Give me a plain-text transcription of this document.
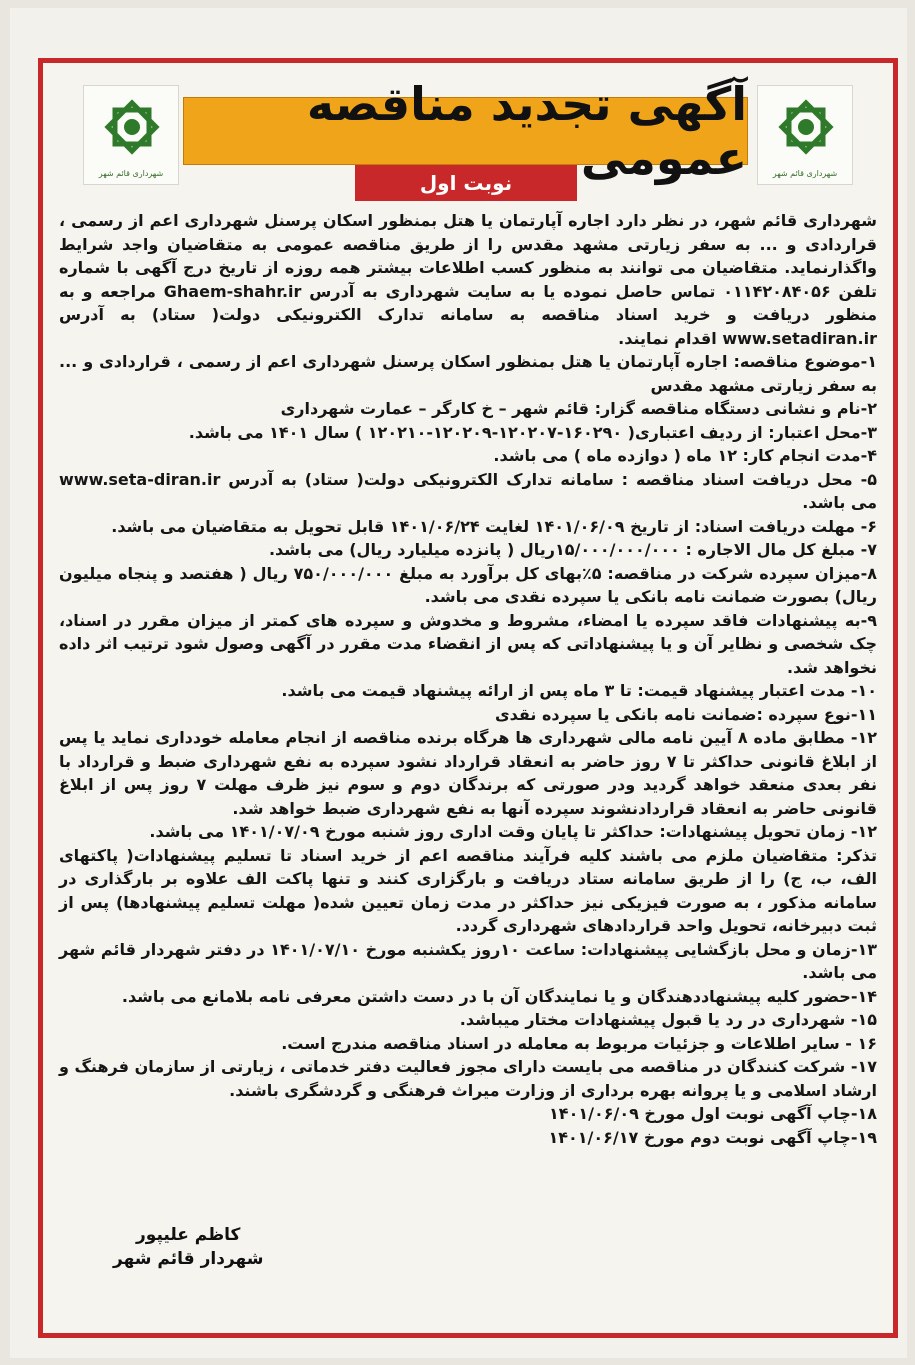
شهرداری قائم شهر
شهرداری قائم شهر
آگهی تجدید مناقصه عمومی
نوبت اول

شهرداری قائم شهر، در نظر دارد اجاره آپارتمان یا هتل بمنظور اسکان پرسنل شهرداری اعم از رسمی ، قراردادی و ... به سفر زیارتی مشهد مقدس را از طریق مناقصه عمومی به متقاضیان واجد شرایط واگذارنماید. متقاضیان می توانند به منظور کسب اطلاعات بیشتر همه روزه از تاریخ درج آگهی با شماره تلفن ۰۱۱۴۲۰۸۴۰۵۶ تماس حاصل نموده یا به سایت شهرداری به آدرس Ghaem-shahr.ir مراجعه و به منظور دریافت و خرید اسناد مناقصه به سامانه تدارک الکترونیکی دولت( ستاد) به آدرس www.setadiran.ir اقدام نمایند.

۱-موضوع مناقصه: اجاره آپارتمان یا هتل بمنظور اسکان پرسنل شهرداری اعم از رسمی ، قراردادی و ... به سفر زیارتی مشهد مقدس

۲-نام و نشانی دستگاه مناقصه گزار: قائم شهر – خ کارگر – عمارت شهرداری

۳-محل اعتبار: از ردیف اعتباری( ۱۶۰۲۹۰-۱۲۰۲۰۷-۱۲۰۲۰۹-۱۲۰۲۱۰ ) سال ۱۴۰۱ می باشد.

۴-مدت انجام کار: ۱۲ ماه ( دوازده ماه ) می باشد.

۵- محل دریافت اسناد مناقصه : سامانه تدارک الکترونیکی دولت( ستاد) به آدرس www.seta-diran.ir می باشد.

۶- مهلت دریافت اسناد: از تاریخ ۱۴۰۱/۰۶/۰۹ لغایت ۱۴۰۱/۰۶/۲۴ قابل تحویل به متقاضیان می باشد.

۷- مبلغ کل مال الاجاره : ۱۵/۰۰۰/۰۰۰/۰۰۰ریال ( پانزده میلیارد ریال) می باشد.

۸-میزان سپرده شرکت در مناقصه: ۵٪بهای کل برآورد به مبلغ ۷۵۰/۰۰۰/۰۰۰ ریال ( هفتصد و پنجاه میلیون ریال) بصورت ضمانت نامه بانکی یا سپرده نقدی می باشد.

۹-به پیشنهادات فاقد سپرده یا امضاء، مشروط و مخدوش و سپرده های کمتر از میزان مقرر در اسناد، چک شخصی و نظایر آن و یا پیشنهاداتی که پس از انقضاء مدت مقرر در آگهی وصول شود ترتیب اثر داده نخواهد شد.

۱۰- مدت اعتبار پیشنهاد قیمت: تا ۳ ماه پس از ارائه پیشنهاد قیمت می باشد.

۱۱-نوع سپرده :ضمانت نامه بانکی یا سپرده نقدی

۱۲- مطابق ماده ۸ آیین نامه مالی شهرداری ها هرگاه برنده مناقصه از انجام معامله خودداری نماید یا پس از ابلاغ قانونی حداکثر تا ۷ روز حاضر به انعقاد قرارداد نشود سپرده به نفع شهرداری ضبط و قرارداد با نفر بعدی منعقد خواهد گردید ودر صورتی که برندگان دوم و سوم نیز ظرف مهلت ۷ روز پس از ابلاغ قانونی حاضر به انعقاد قراردادنشوند سپرده آنها به نفع شهرداری ضبط خواهد شد.

۱۲- زمان تحویل پیشنهادات: حداکثر تا پایان وقت اداری روز شنبه مورخ ۱۴۰۱/۰۷/۰۹ می باشد.

تذکر: متقاضیان ملزم می باشند کلیه فرآیند مناقصه اعم از خرید اسناد تا تسلیم پیشنهادات( پاکتهای الف، ب، ج) را از طریق سامانه ستاد دریافت و بارگزاری کنند و تنها پاکت الف علاوه بر بارگذاری در سامانه مذکور ، به صورت فیزیکی نیز حداکثر در مدت زمان تعیین شده( مهلت تسلیم پیشنهادها) پس از ثبت دبیرخانه، تحویل واحد قراردادهای شهرداری گردد.

۱۳-زمان و محل بازگشایی پیشنهادات: ساعت ۱۰روز یکشنبه مورخ ۱۴۰۱/۰۷/۱۰ در دفتر شهردار قائم شهر می باشد.

۱۴-حضور کلیه پیشنهاددهندگان و یا نمایندگان آن با در دست داشتن معرفی نامه بلامانع می باشد.

۱۵- شهرداری در رد یا قبول پیشنهادات مختار میباشد.

۱۶ - سایر اطلاعات و جزئیات مربوط به معامله در اسناد مناقصه مندرج است.

۱۷- شرکت کنندگان در مناقصه می بایست دارای مجوز فعالیت دفتر خدماتی ، زیارتی از سازمان فرهنگ و ارشاد اسلامی و یا پروانه بهره برداری از وزارت میراث فرهنگی و گردشگری باشند.

۱۸-چاپ آگهی نوبت اول مورخ ۱۴۰۱/۰۶/۰۹

۱۹-چاپ آگهی نوبت دوم مورخ ۱۴۰۱/۰۶/۱۷

کاظم علیپور
شهردار قائم شهر
